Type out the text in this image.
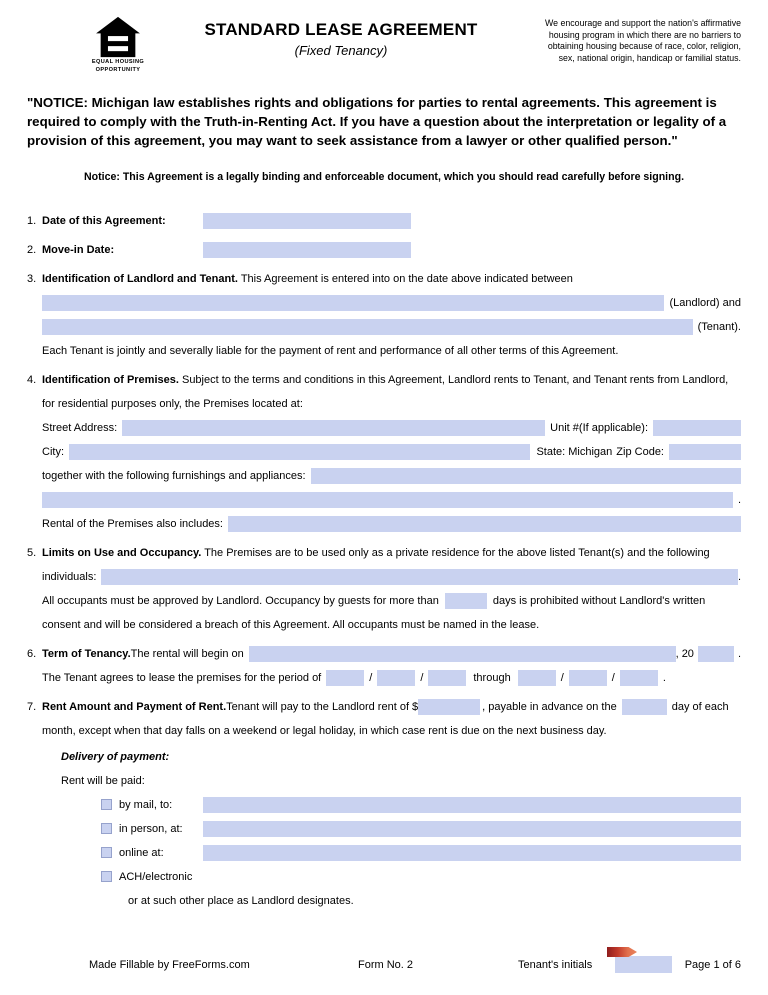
EQUAL HOUSING
OPPORTUNITY
STANDARD LEASE AGREEMENT
(Fixed Tenancy)
We encourage and support the nation's affirmative housing program in which there are no barriers to obtaining housing because of race, color, religion, sex, national origin, handicap or familial status.
"NOTICE: Michigan law establishes rights and obligations for parties to rental agreements. This agreement is required to comply with the Truth-in-Renting Act. If you have a question about the interpretation or legality of a provision of this agreement, you may want to seek assistance from a lawyer or other qualified person."
Notice: This Agreement is a legally binding and enforceable document, which you should read carefully before signing.
1. Date of this Agreement:
2. Move-in Date:
3. Identification of Landlord and Tenant. This Agreement is entered into on the date above indicated between
(Landlord) and
(Tenant).
Each Tenant is jointly and severally liable for the payment of rent and performance of all other terms of this Agreement.
4. Identification of Premises. Subject to the terms and conditions in this Agreement, Landlord rents to Tenant, and Tenant rents from Landlord, for residential purposes only, the Premises located at:
Street Address:	Unit #(If applicable):
City:	State: Michigan Zip Code:
together with the following furnishings and appliances:
.
Rental of the Premises also includes:
5. Limits on Use and Occupancy. The Premises are to be used only as a private residence for the above listed Tenant(s) and the following
individuals:	.
All occupants must be approved by Landlord. Occupancy by guests for more than	days is prohibited without Landlord's written
consent and will be considered a breach of this Agreement. All occupants must be named in the lease.
6. Term of Tenancy. The rental will begin on	, 20	.
The Tenant agrees to lease the premises for the period of	/	/	through	/	/	.
7. Rent Amount and Payment of Rent. Tenant will pay to the Landlord rent of $	, payable in advance on the	day of each
month, except when that day falls on a weekend or legal holiday, in which case rent is due on the next business day.
Delivery of payment:
Rent will be paid:
by mail, to:
in person, at:
online at:
ACH/electronic
or at such other place as Landlord designates.
Made Fillable by FreeForms.com	Form No. 2	Tenant's initials	Page 1 of 6
